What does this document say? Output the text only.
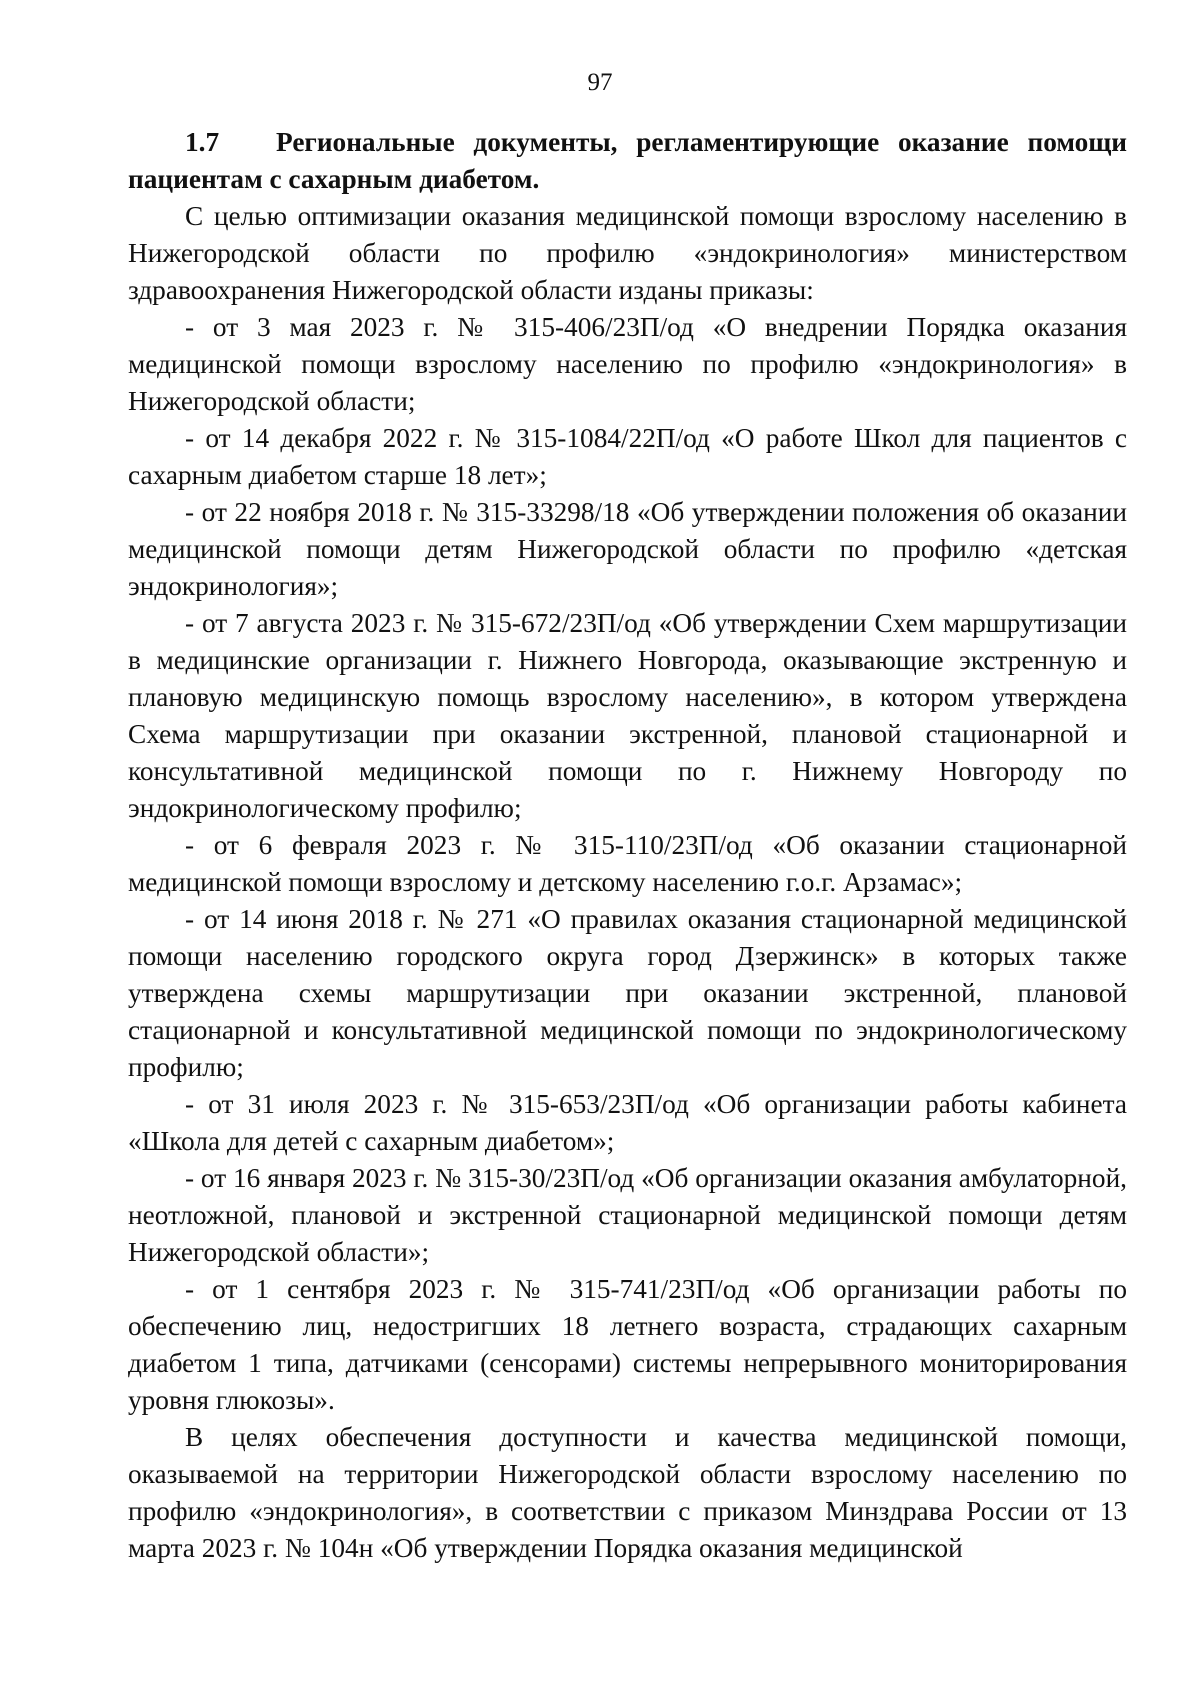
97

1.7 Региональные документы, регламентирующие оказание помощи пациентам с сахарным диабетом.

С целью оптимизации оказания медицинской помощи взрослому населению в Нижегородской области по профилю «эндокринология» министерством здравоохранения Нижегородской области изданы приказы:

- от 3 мая 2023 г. № 315-406/23П/од «О внедрении Порядка оказания медицинской помощи взрослому населению по профилю «эндокринология» в Нижегородской области;
- от 14 декабря 2022 г. № 315-1084/22П/од «О работе Школ для пациентов с сахарным диабетом старше 18 лет»;
- от 22 ноября 2018 г. № 315-33298/18 «Об утверждении положения об оказании медицинской помощи детям Нижегородской области по профилю «детская эндокринология»;
- от 7 августа 2023 г. № 315-672/23П/од «Об утверждении Схем маршрутизации в медицинские организации г. Нижнего Новгорода, оказывающие экстренную и плановую медицинскую помощь взрослому населению», в котором утверждена Схема маршрутизации при оказании экстренной, плановой стационарной и консультативной медицинской помощи по г. Нижнему Новгороду по эндокринологическому профилю;
- от 6 февраля 2023 г. № 315-110/23П/од «Об оказании стационарной медицинской помощи взрослому и детскому населению г.о.г. Арзамас»;
- от 14 июня 2018 г. № 271 «О правилах оказания стационарной медицинской помощи населению городского округа город Дзержинск» в которых также утверждена схемы маршрутизации при оказании экстренной, плановой стационарной и консультативной медицинской помощи по эндокринологическому профилю;
- от 31 июля 2023 г. № 315-653/23П/од «Об организации работы кабинета «Школа для детей с сахарным диабетом»;
- от 16 января 2023 г. № 315-30/23П/од «Об организации оказания амбулаторной, неотложной, плановой и экстренной стационарной медицинской помощи детям Нижегородской области»;
- от 1 сентября 2023 г. № 315-741/23П/од «Об организации работы по обеспечению лиц, недостригших 18 летнего возраста, страдающих сахарным диабетом 1 типа, датчиками (сенсорами) системы непрерывного мониторирования уровня глюкозы».

В целях обеспечения доступности и качества медицинской помощи, оказываемой на территории Нижегородской области взрослому населению по профилю «эндокринология», в соответствии с приказом Минздрава России от 13 марта 2023 г. № 104н «Об утверждении Порядка оказания медицинской
